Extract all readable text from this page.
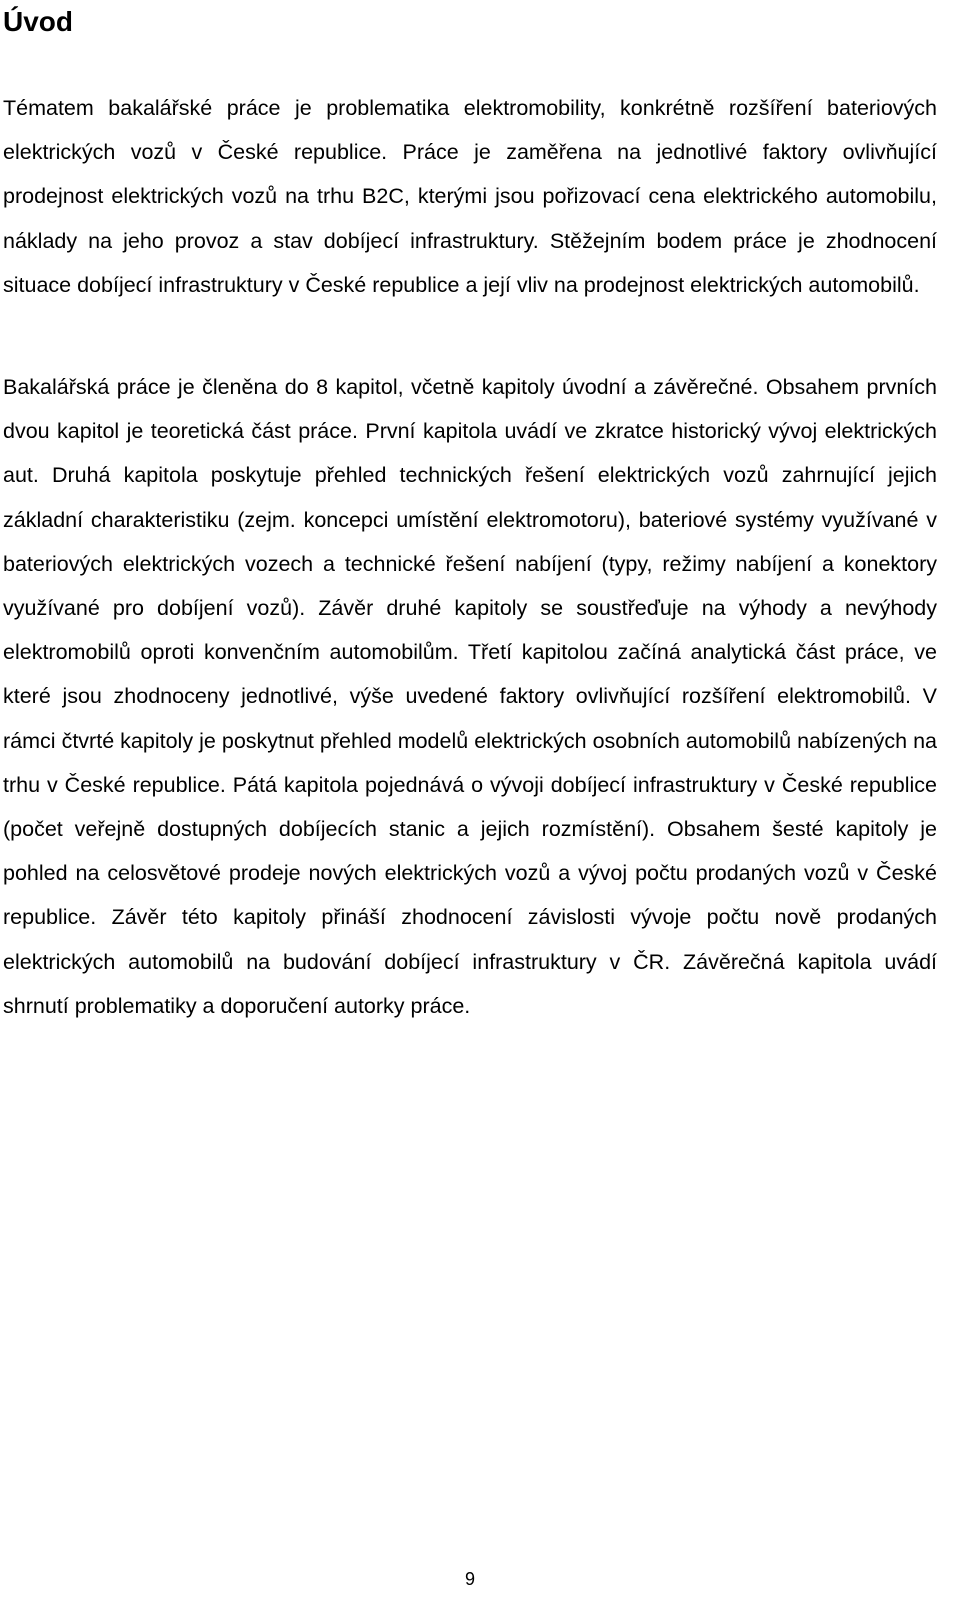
Úvod

Tématem bakalářské práce je problematika elektromobility, konkrétně rozšíření bateriových elektrických vozů v České republice. Práce je zaměřena na jednotlivé faktory ovlivňující prodejnost elektrických vozů na trhu B2C, kterými jsou pořizovací cena elektrického automobilu, náklady na jeho provoz a stav dobíjecí infrastruktury. Stěžejním bodem práce je zhodnocení situace dobíjecí infrastruktury v České republice a její vliv na prodejnost elektrických automobilů.

Bakalářská práce je členěna do 8 kapitol, včetně kapitoly úvodní a závěrečné. Obsahem prvních dvou kapitol je teoretická část práce. První kapitola uvádí ve zkratce historický vývoj elektrických aut. Druhá kapitola poskytuje přehled technických řešení elektrických vozů zahrnující jejich základní charakteristiku (zejm. koncepci umístění elektromotoru), bateriové systémy využívané v bateriových elektrických vozech a technické řešení nabíjení (typy, režimy nabíjení a konektory využívané pro dobíjení vozů). Závěr druhé kapitoly se soustřeďuje na výhody a nevýhody elektromobilů oproti konvenčním automobilům. Třetí kapitolou začíná analytická část práce, ve které jsou zhodnoceny jednotlivé, výše uvedené faktory ovlivňující rozšíření elektromobilů. V rámci čtvrté kapitoly je poskytnut přehled modelů elektrických osobních automobilů nabízených na trhu v České republice. Pátá kapitola pojednává o vývoji dobíjecí infrastruktury v České republice (počet veřejně dostupných dobíjecích stanic a jejich rozmístění). Obsahem šesté kapitoly je pohled na celosvětové prodeje nových elektrických vozů a vývoj počtu prodaných vozů v České republice. Závěr této kapitoly přináší zhodnocení závislosti vývoje počtu nově prodaných elektrických automobilů na budování dobíjecí infrastruktury v ČR. Závěrečná kapitola uvádí shrnutí problematiky a doporučení autorky práce.

9
